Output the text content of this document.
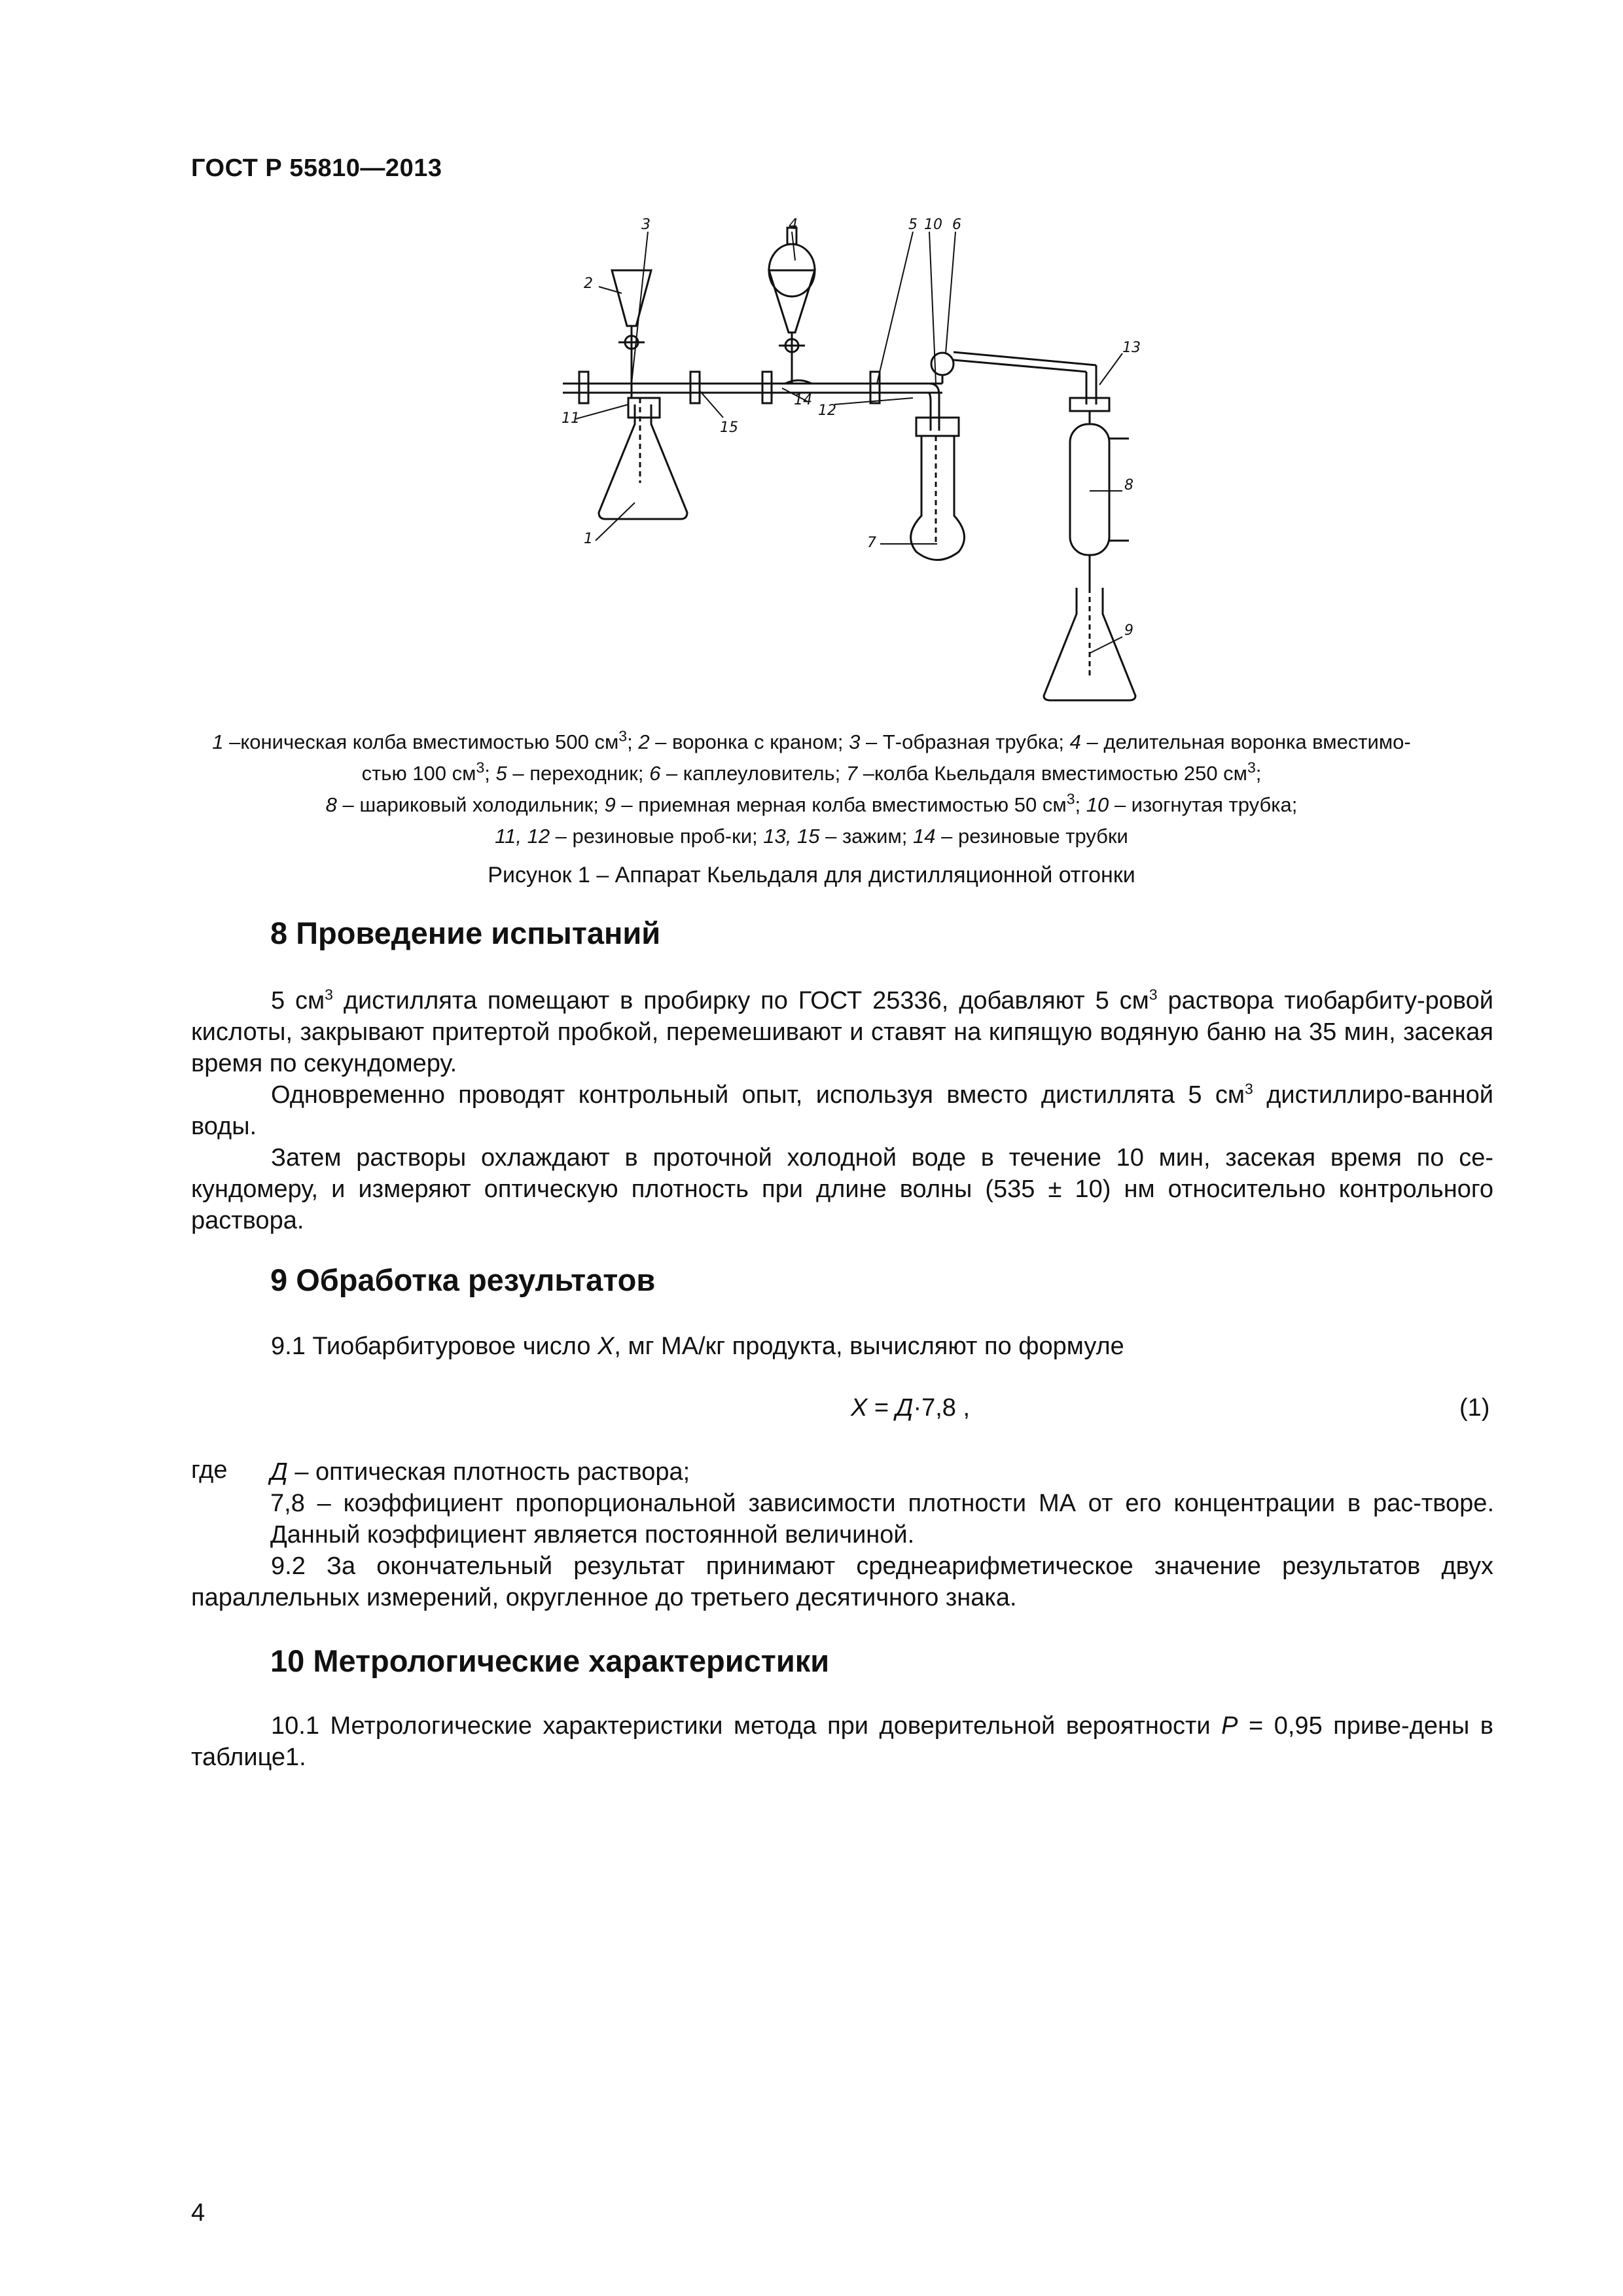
ГОСТ Р 55810—2013
1
2
3	4	5 10 6
13
8
7
9
11	12
14
15
1 –коническая колба вместимостью 500 $см^3$; 2 – воронка с краном; 3 – Т-образная трубка; 4 – делительная воронка вместимо-
стью 100 $см^3$; 5 – переходник; 6 – каплеуловитель; 7 –колба Кьельдаля вместимостью 250 $см^3$;
8 – шариковый холодильник; 9 – приемная мерная колба вместимостью 50 $см^3$; 10 – изогнутая трубка;
11, 12 – резиновые проб-ки; 13, 15 – зажим; 14 – резиновые трубки
Рисунок 1 – Аппарат Кьельдаля для дистилляционной отгонки
8 Проведение испытаний
5 $см^3$ дистиллята помещают в пробирку по ГОСТ 25336, добавляют 5 $см^3$ раствора тиобарбиту-ровой кислоты, закрывают притертой пробкой, перемешивают и ставят на кипящую водяную баню на 35 мин, засекая время по секундомеру.
Одновременно проводят контрольный опыт, используя вместо дистиллята 5 $см^3$ дистиллиро-ванной воды.
Затем растворы охлаждают в проточной холодной воде в течение 10 мин, засекая время по се-кундомеру, и измеряют оптическую плотность при длине волны (535 ± 10) нм относительно контрольного раствора.
9 Обработка результатов
9.1 Тиобарбитуровое число X, мг МА/кг продукта, вычисляют по формуле
X = Д·7,8 ,	(1)
где Д – оптическая плотность раствора;
7,8 – коэффициент пропорциональной зависимости плотности МА от его концентрации в рас-творе. Данный коэффициент является постоянной величиной.
9.2 За окончательный результат принимают среднеарифметическое значение результатов двух параллельных измерений, округленное до третьего десятичного знака.
10 Метрологические характеристики
10.1 Метрологические характеристики метода при доверительной вероятности P = 0,95 приве-дены в таблице1.
4
